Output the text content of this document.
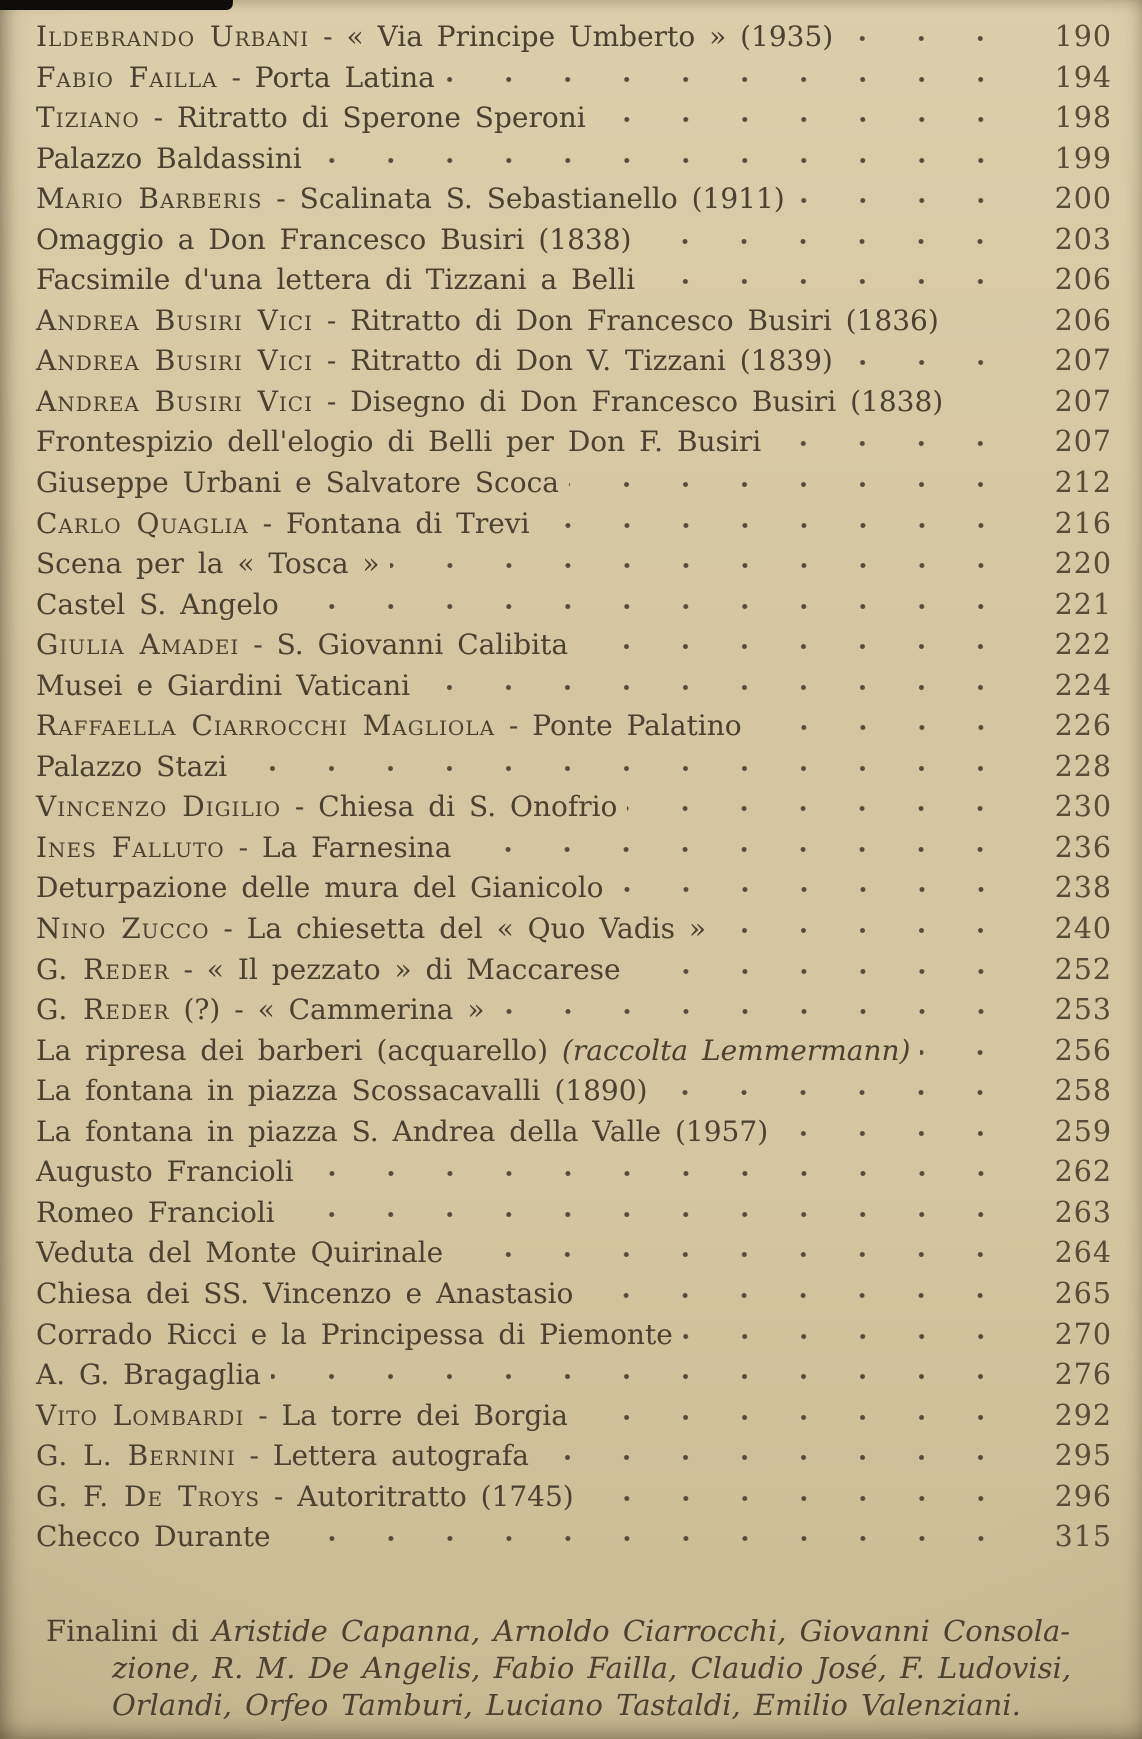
Ildebrando Urbani - « Via Principe Umberto » (1935)	190
Fabio Failla - Porta Latina	194
Tiziano - Ritratto di Sperone Speroni	198
Palazzo Baldassini	199
Mario Barberis - Scalinata S. Sebastianello (1911)	200
Omaggio a Don Francesco Busiri (1838)	203
Facsimile d'una lettera di Tizzani a Belli	206
Andrea Busiri Vici - Ritratto di Don Francesco Busiri (1836)	206
Andrea Busiri Vici - Ritratto di Don V. Tizzani (1839)	207
Andrea Busiri Vici - Disegno di Don Francesco Busiri (1838)	207
Frontespizio dell'elogio di Belli per Don F. Busiri	207
Giuseppe Urbani e Salvatore Scoca	212
Carlo Quaglia - Fontana di Trevi	216
Scena per la « Tosca »	220
Castel S. Angelo	221
Giulia Amadei - S. Giovanni Calibita	222
Musei e Giardini Vaticani	224
Raffaella Ciarrocchi Magliola - Ponte Palatino	226
Palazzo Stazi	228
Vincenzo Digilio - Chiesa di S. Onofrio	230
Ines Falluto - La Farnesina	236
Deturpazione delle mura del Gianicolo	238
Nino Zucco - La chiesetta del « Quo Vadis »	240
G. Reder - « Il pezzato » di Maccarese	252
G. Reder (?) - « Cammerina »	253
La ripresa dei barberi (acquarello) (raccolta Lemmermann)	256
La fontana in piazza Scossacavalli (1890)	258
La fontana in piazza S. Andrea della Valle (1957)	259
Augusto Francioli	262
Romeo Francioli	263
Veduta del Monte Quirinale	264
Chiesa dei SS. Vincenzo e Anastasio	265
Corrado Ricci e la Principessa di Piemonte	270
A. G. Bragaglia	276
Vito Lombardi - La torre dei Borgia	292
G. L. Bernini - Lettera autografa	295
G. F. De Troys - Autoritratto (1745)	296
Checco Durante	315
Finalini di Aristide Capanna, Arnoldo Ciarrocchi, Giovanni Consola-
zione, R. M. De Angelis, Fabio Failla, Claudio José, F. Ludovisi,
Orlandi, Orfeo Tamburi, Luciano Tastaldi, Emilio Valenziani.
